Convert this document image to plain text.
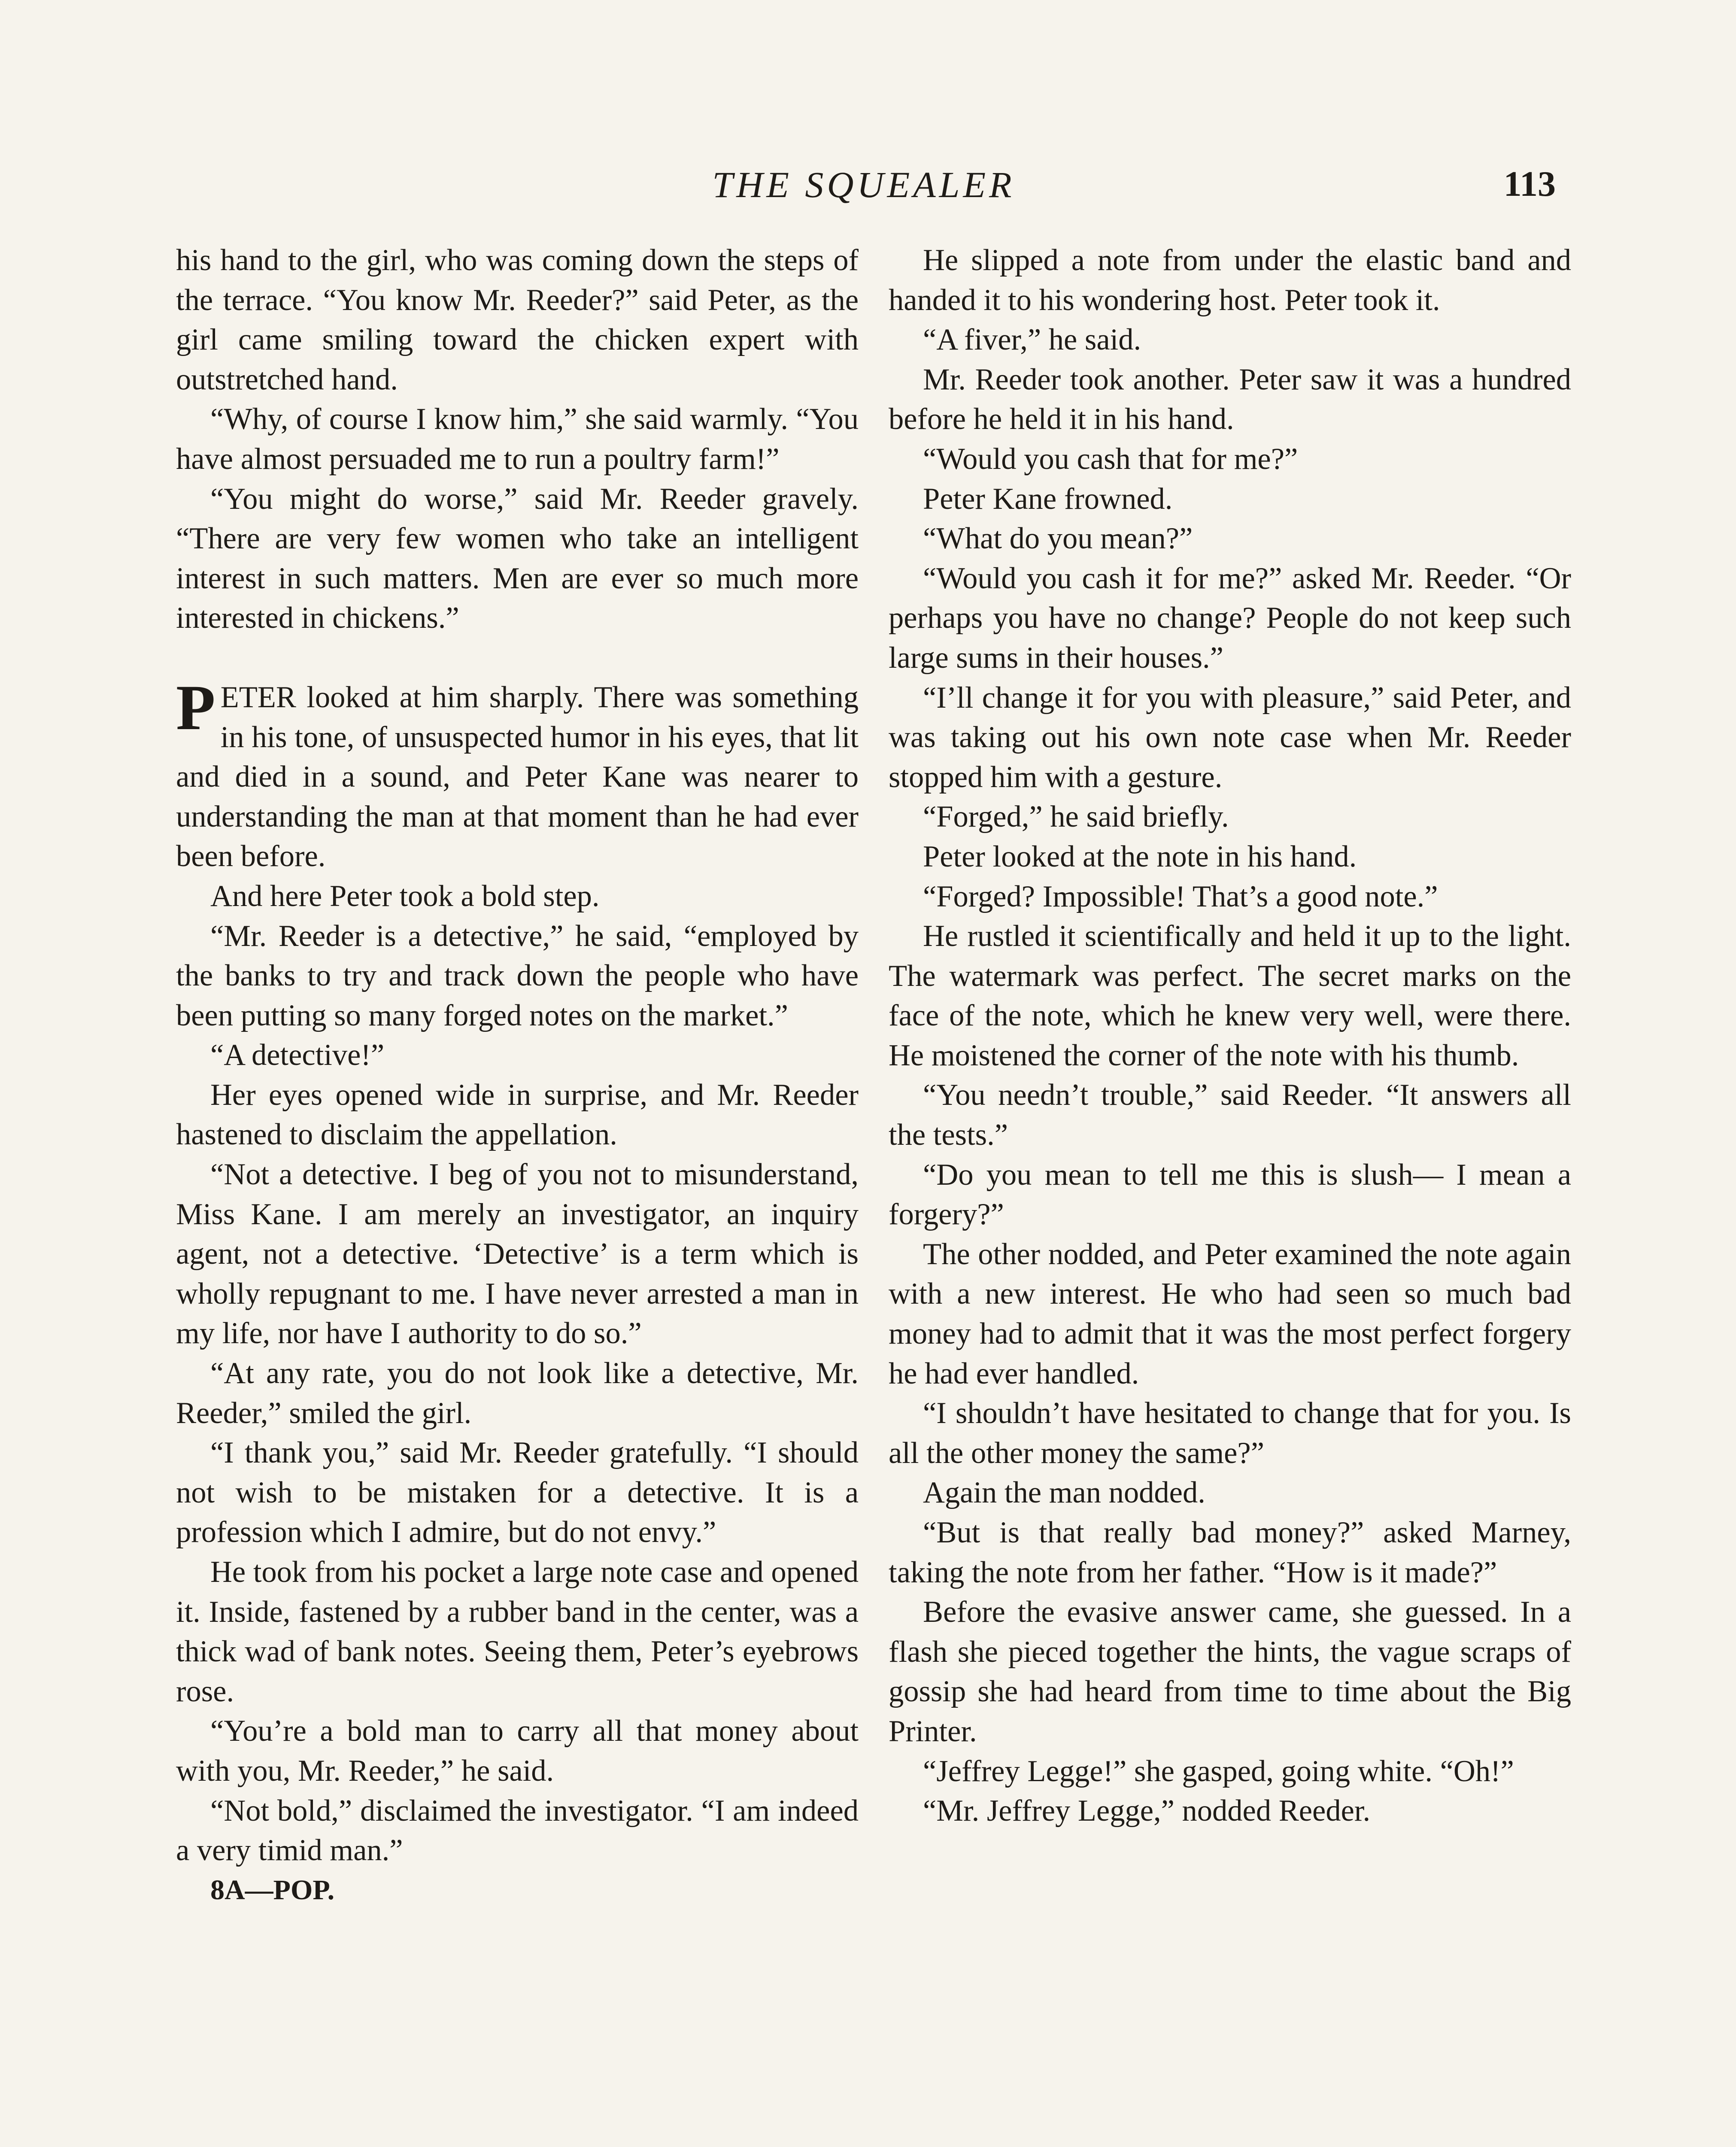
THE SQUEALER	113

his hand to the girl, who was coming down the steps of the terrace. “You know Mr. Reeder?” said Peter, as the girl came smiling toward the chicken expert with outstretched hand.

“Why, of course I know him,” she said warmly. “You have almost persuaded me to run a poultry farm!”

“You might do worse,” said Mr. Reeder gravely. “There are very few women who take an intelligent interest in such matters. Men are ever so much more interested in chickens.”

PETER looked at him sharply. There was something in his tone, of unsuspected humor in his eyes, that lit and died in a sound, and Peter Kane was nearer to understanding the man at that moment than he had ever been before.

And here Peter took a bold step.

“Mr. Reeder is a detective,” he said, “employed by the banks to try and track down the people who have been putting so many forged notes on the market.”

“A detective!”

Her eyes opened wide in surprise, and Mr. Reeder hastened to disclaim the appellation.

“Not a detective. I beg of you not to misunderstand, Miss Kane. I am merely an investigator, an inquiry agent, not a detective. ‘Detective’ is a term which is wholly repugnant to me. I have never arrested a man in my life, nor have I authority to do so.”

“At any rate, you do not look like a detective, Mr. Reeder,” smiled the girl.

“I thank you,” said Mr. Reeder gratefully. “I should not wish to be mistaken for a detective. It is a profession which I admire, but do not envy.”

He took from his pocket a large note case and opened it. Inside, fastened by a rubber band in the center, was a thick wad of bank notes. Seeing them, Peter’s eyebrows rose.

“You’re a bold man to carry all that money about with you, Mr. Reeder,” he said.

“Not bold,” disclaimed the investigator. “I am indeed a very timid man.”

8A—POP.

He slipped a note from under the elastic band and handed it to his wondering host. Peter took it.

“A fiver,” he said.

Mr. Reeder took another. Peter saw it was a hundred before he held it in his hand.

“Would you cash that for me?”

Peter Kane frowned.

“What do you mean?”

“Would you cash it for me?” asked Mr. Reeder. “Or perhaps you have no change? People do not keep such large sums in their houses.”

“I’ll change it for you with pleasure,” said Peter, and was taking out his own note case when Mr. Reeder stopped him with a gesture.

“Forged,” he said briefly.

Peter looked at the note in his hand.

“Forged? Impossible! That’s a good note.”

He rustled it scientifically and held it up to the light. The watermark was perfect. The secret marks on the face of the note, which he knew very well, were there. He moistened the corner of the note with his thumb.

“You needn’t trouble,” said Reeder. “It answers all the tests.”

“Do you mean to tell me this is slush— I mean a forgery?”

The other nodded, and Peter examined the note again with a new interest. He who had seen so much bad money had to admit that it was the most perfect forgery he had ever handled.

“I shouldn’t have hesitated to change that for you. Is all the other money the same?”

Again the man nodded.

“But is that really bad money?” asked Marney, taking the note from her father. “How is it made?”

Before the evasive answer came, she guessed. In a flash she pieced together the hints, the vague scraps of gossip she had heard from time to time about the Big Printer.

“Jeffrey Legge!” she gasped, going white. “Oh!”

“Mr. Jeffrey Legge,” nodded Reeder.
